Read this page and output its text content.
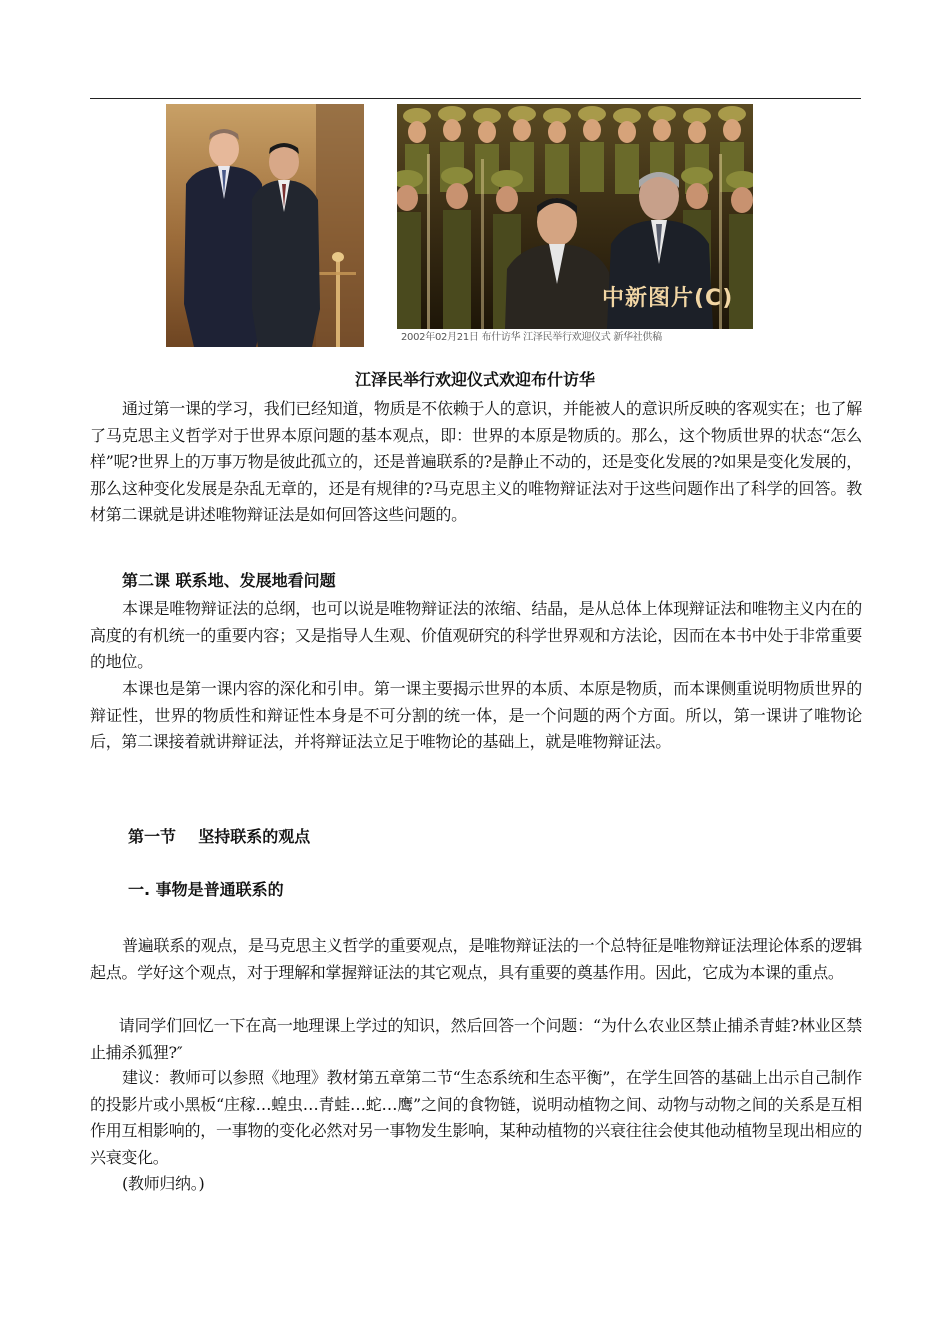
中新图片(C)
2002年02月21日 布什访华 江泽民举行欢迎仪式 新华社供稿
江泽民举行欢迎仪式欢迎布什访华

通过第一课的学习，我们已经知道，物质是不依赖于人的意识，并能被人的意识所反映的客观实在；也了解了马克思主义哲学对于世界本原问题的基本观点，即：世界的本原是物质的。那么，这个物质世界的状态“怎么样”呢?世界上的万事万物是彼此孤立的，还是普遍联系的?是静止不动的，还是变化发展的?如果是变化发展的，那么这种变化发展是杂乱无章的，还是有规律的?马克思主义的唯物辩证法对于这些问题作出了科学的回答。教材第二课就是讲述唯物辩证法是如何回答这些问题的。

第二课 联系地、发展地看问题

本课是唯物辩证法的总纲，也可以说是唯物辩证法的浓缩、结晶，是从总体上体现辩证法和唯物主义内在的高度的有机统一的重要内容；又是指导人生观、价值观研究的科学世界观和方法论，因而在本书中处于非常重要的地位。

本课也是第一课内容的深化和引申。第一课主要揭示世界的本质、本原是物质，而本课侧重说明物质世界的辩证性，世界的物质性和辩证性本身是不可分割的统一体，是一个问题的两个方面。所以，第一课讲了唯物论后，第二课接着就讲辩证法，并将辩证法立足于唯物论的基础上，就是唯物辩证法。

第一节    坚持联系的观点
一. 事物是普通联系的

普遍联系的观点，是马克思主义哲学的重要观点，是唯物辩证法的一个总特征是唯物辩证法理论体系的逻辑起点。学好这个观点，对于理解和掌握辩证法的其它观点，具有重要的奠基作用。因此，它成为本课的重点。

请同学们回忆一下在高一地理课上学过的知识，然后回答一个问题：“为什么农业区禁止捕杀青蛙?林业区禁止捕杀狐狸?″

建议：教师可以参照《地理》教材第五章第二节“生态系统和生态平衡”，在学生回答的基础上出示自己制作的投影片或小黑板“庄稼…蝗虫…青蛙…蛇…鹰”之间的食物链，说明动植物之间、动物与动物之间的关系是互相作用互相影响的，一事物的变化必然对另一事物发生影响，某种动植物的兴衰往往会使其他动植物呈现出相应的兴衰变化。

(教师归纳。)
